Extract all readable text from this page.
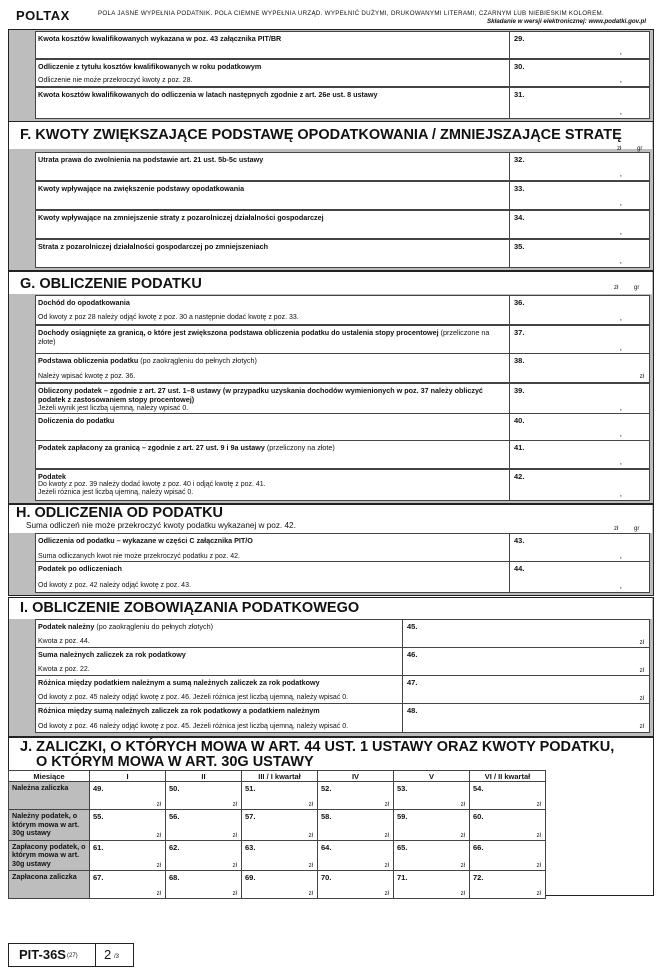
POLTAX	POLA JASNE WYPEŁNIA PODATNIK. POLA CIEMNE WYPEŁNIA URZĄD. WYPEŁNIĆ DUŻYMI, DRUKOWANYMI LITERAMI, CZARNYM LUB NIEBIESKIM KOLOREM.
Składanie w wersji elektronicznej: www.podatki.gov.pl
Kwota kosztów kwalifikowanych wykazana w poz. 43 załącznika PIT/BR	29.
,
Odliczenie z tytułu kosztów kwalifikowanych w roku podatkowym
Odliczenie nie może przekroczyć kwoty z poz. 28.
30.
,
Kwota kosztów kwalifikowanych do odliczenia w latach następnych zgodnie z art. 26e ust. 8 ustawy	31.
,
F. KWOTY ZWIĘKSZAJĄCE PODSTAWĘ OPODATKOWANIA / ZMNIEJSZAJĄCE STRATĘ
zł	gr
Utrata prawa do zwolnienia na podstawie art. 21 ust. 5b-5c ustawy	32.
,
Kwoty wpływające na zwiększenie podstawy opodatkowania	33.
,
Kwoty wpływające na zmniejszenie straty z pozarolniczej działalności gospodarczej	34.
,
Strata z pozarolniczej działalności gospodarczej po zmniejszeniach	35.
,
G. OBLICZENIE PODATKU	zł	gr
Dochód do opodatkowania
Od kwoty z poz 28 należy odjąć kwotę z poz. 30 a następnie dodać kwotę z poz. 33.
36.
,
Dochody osiągnięte za granicą, o które jest zwiększona podstawa obliczenia podatku do ustalenia stopy procentowej (przeliczone na złote)
37.
,
Podstawa obliczenia podatku (po zaokrągleniu do pełnych złotych)
Należy wpisać kwotę z poz. 36.
38.
zł
Obliczony podatek – zgodnie z art. 27 ust. 1–8 ustawy (w przypadku uzyskania dochodów wymienionych w poz. 37 należy obliczyć podatek z zastosowaniem stopy procentowej)
Jeżeli wynik jest liczbą ujemną, należy wpisać 0.
39.
,
Doliczenia do podatku	40.
,
Podatek zapłacony za granicą – zgodnie z art. 27 ust. 9 i 9a ustawy (przeliczony na złote)	41.
,
Podatek
Do kwoty z poz. 39 należy dodać kwotę z poz. 40 i odjąć kwotę z poz. 41.
Jeżeli różnica jest liczbą ujemną, należy wpisać 0.
42.
,
H. ODLICZENIA OD PODATKU
Suma odliczeń nie może przekroczyć kwoty podatku wykazanej w poz. 42.	zł	gr
Odliczenia od podatku – wykazane w części C załącznika PIT/O
Suma odliczanych kwot nie może przekroczyć podatku z poz. 42.
43.
,
Podatek po odliczeniach
Od kwoty z poz. 42 należy odjąć kwotę z poz. 43.
44.
,
I. OBLICZENIE ZOBOWIĄZANIA PODATKOWEGO
Podatek należny (po zaokrągleniu do pełnych złotych)
Kwota z poz. 44.
45.
zł
Suma należnych zaliczek za rok podatkowy
Kwota z poz. 22.
46.
zł
Różnica między podatkiem należnym a sumą należnych zaliczek za rok podatkowy
Od kwoty z poz. 45 należy odjąć kwotę z poz. 46. Jeżeli różnica jest liczbą ujemną, należy wpisać 0.
47.
zł
Różnica między sumą należnych zaliczek za rok podatkowy a podatkiem należnym
Od kwoty z poz. 46 należy odjąć kwotę z poz. 45. Jeżeli różnica jest liczbą ujemną, należy wpisać 0.
48.
zł
J. ZALICZKI, O KTÓRYCH MOWA W ART. 44 UST. 1 USTAWY ORAZ KWOTY PODATKU,
O KTÓRYM MOWA W ART. 30G USTAWY
Miesiące	I	II	III / I kwartał	IV	V	VI / II kwartał
Należna zaliczka	49.
zł	50.
zł	51.
zł	52.
zł	53.
zł	54.
zł

Należny podatek, o którym mowa w art. 30g ustawy	55.
zł	56.
zł	57.
zł	58.
zł	59.
zł	60.
zł

Zapłacony podatek, o którym mowa w art. 30g ustawy	61.
zł	62.
zł	63.
zł	64.
zł	65.
zł	66.
zł

Zapłacona zaliczka	67.
zł	68.
zł	69.
zł	70.
zł	71.
zł	72.
zł
PIT-36S (27) 2 /3
